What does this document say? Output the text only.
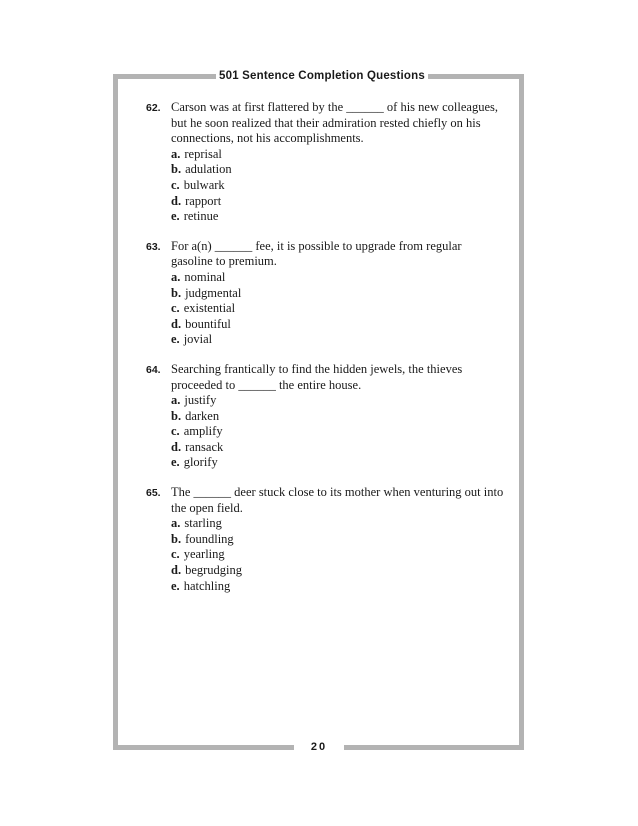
501 Sentence Completion Questions
62. Carson was at first flattered by the ______ of his new colleagues, but he soon realized that their admiration rested chiefly on his connections, not his accomplishments.
a. reprisal
b. adulation
c. bulwark
d. rapport
e. retinue
63. For a(n) ______ fee, it is possible to upgrade from regular gasoline to premium.
a. nominal
b. judgmental
c. existential
d. bountiful
e. jovial
64. Searching frantically to find the hidden jewels, the thieves proceeded to ______ the entire house.
a. justify
b. darken
c. amplify
d. ransack
e. glorify
65. The ______ deer stuck close to its mother when venturing out into the open field.
a. starling
b. foundling
c. yearling
d. begrudging
e. hatchling
20
